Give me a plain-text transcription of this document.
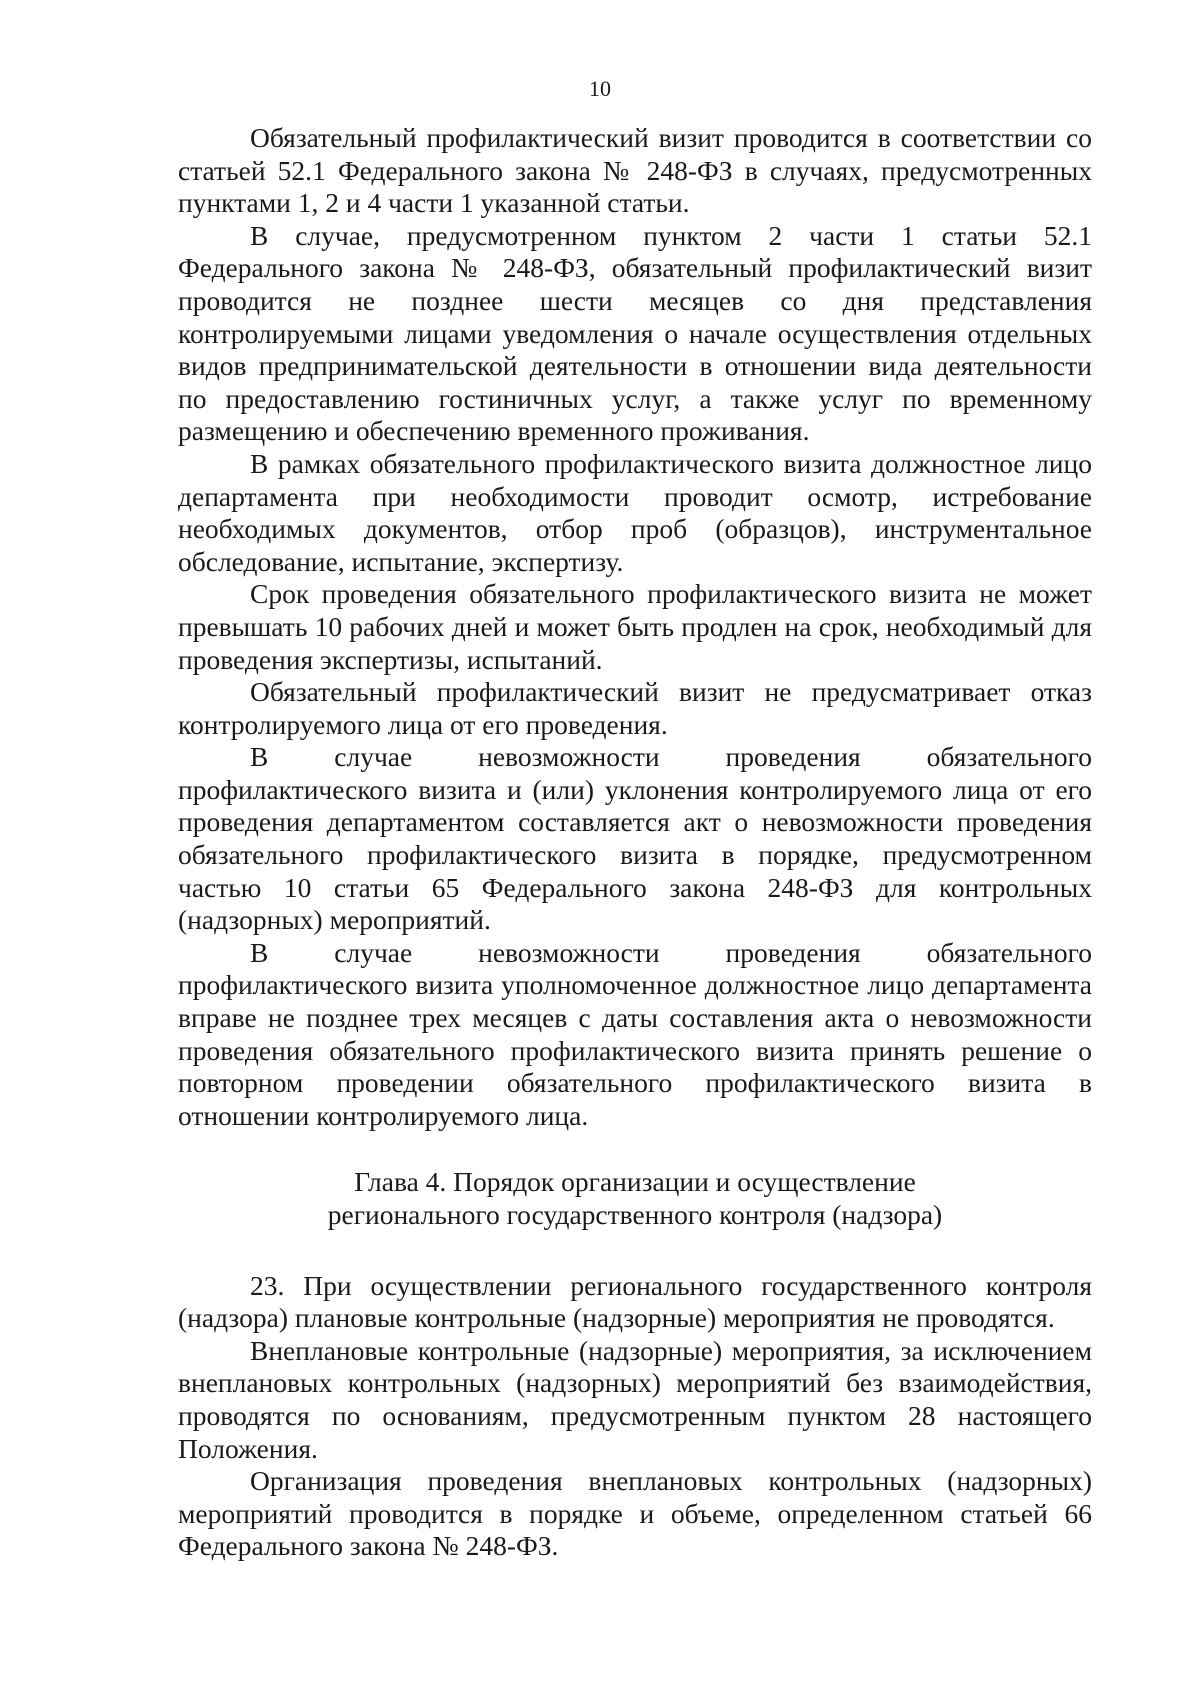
10

Обязательный профилактический визит проводится в соответствии со статьей 52.1 Федерального закона № 248-ФЗ в случаях, предусмотренных пунктами 1, 2 и 4 части 1 указанной статьи.

В случае, предусмотренном пунктом 2 части 1 статьи 52.1 Федерального закона № 248-ФЗ, обязательный профилактический визит проводится не позднее шести месяцев со дня представления контролируемыми лицами уведомления о начале осуществления отдельных видов предпринимательской деятельности в отношении вида деятельности по предоставлению гостиничных услуг, а также услуг по временному размещению и обеспечению временного проживания.

В рамках обязательного профилактического визита должностное лицо департамента при необходимости проводит осмотр, истребование необходимых документов, отбор проб (образцов), инструментальное обследование, испытание, экспертизу.

Срок проведения обязательного профилактического визита не может превышать 10 рабочих дней и может быть продлен на срок, необходимый для проведения экспертизы, испытаний.

Обязательный профилактический визит не предусматривает отказ контролируемого лица от его проведения.

В случае невозможности проведения обязательного профилактического визита и (или) уклонения контролируемого лица от его проведения департаментом составляется акт о невозможности проведения обязательного профилактического визита в порядке, предусмотренном частью 10 статьи 65 Федерального закона 248-ФЗ для контрольных (надзорных) мероприятий.

В случае невозможности проведения обязательного профилактического визита уполномоченное должностное лицо департамента вправе не позднее трех месяцев с даты составления акта о невозможности проведения обязательного профилактического визита принять решение о повторном проведении обязательного профилактического визита в отношении контролируемого лица.

Глава 4. Порядок организации и осуществление
регионального государственного контроля (надзора)

23. При осуществлении регионального государственного контроля (надзора) плановые контрольные (надзорные) мероприятия не проводятся.

Внеплановые контрольные (надзорные) мероприятия, за исключением внеплановых контрольных (надзорных) мероприятий без взаимодействия, проводятся по основаниям, предусмотренным пунктом 28 настоящего Положения.

Организация проведения внеплановых контрольных (надзорных) мероприятий проводится в порядке и объеме, определенном статьей 66 Федерального закона № 248-ФЗ.
